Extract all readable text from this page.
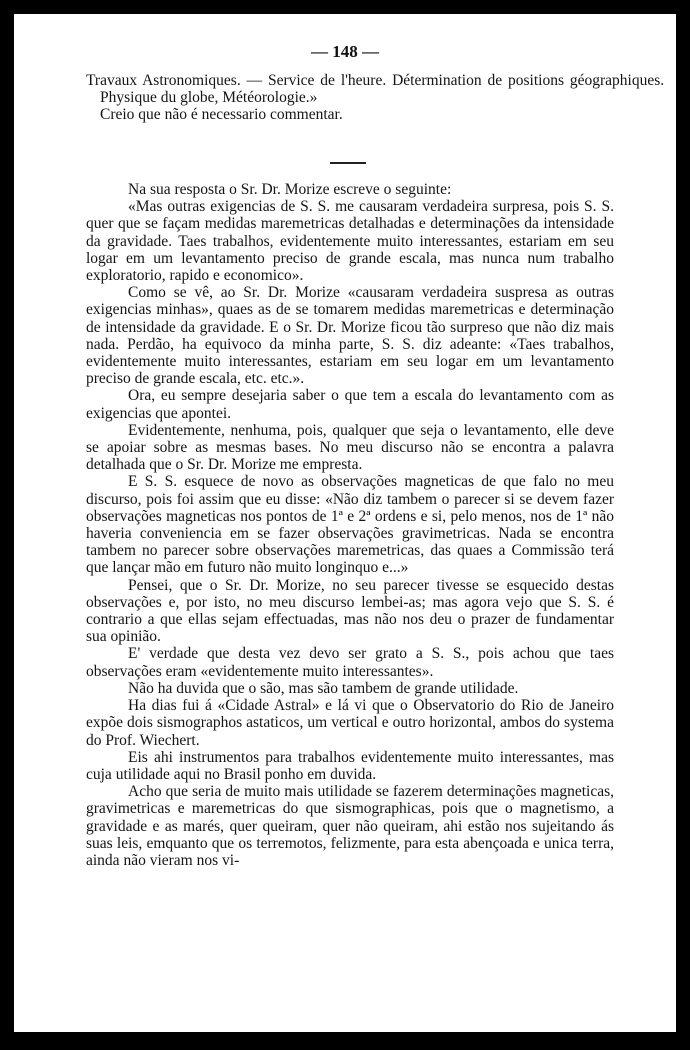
— 148 —

Travaux Astronomiques. — Service de l'heure. Détermination de positions géographiques.

Physique du globe, Météorologie.»

Creio que não é necessario commentar.

Na sua resposta o Sr. Dr. Morize escreve o seguinte:

«Mas outras exigencias de S. S. me causaram verdadeira surpresa, pois S. S. quer que se façam medidas maremetricas detalhadas e determinações da intensidade da gravidade. Taes trabalhos, evidentemente muito interessantes, estariam em seu logar em um levantamento preciso de grande escala, mas nunca num trabalho exploratorio, rapido e economico».

Como se vê, ao Sr. Dr. Morize «causaram verdadeira suspresa as outras exigencias minhas», quaes as de se tomarem medidas maremetricas e determinação de intensidade da gravidade. E o Sr. Dr. Morize ficou tão surpreso que não diz mais nada. Perdão, ha equivoco da minha parte, S. S. diz adeante: «Taes trabalhos, evidentemente muito interessantes, estariam em seu logar em um levantamento preciso de grande escala, etc. etc.».

Ora, eu sempre desejaria saber o que tem a escala do levantamento com as exigencias que apontei.

Evidentemente, nenhuma, pois, qualquer que seja o levantamento, elle deve se apoiar sobre as mesmas bases. No meu discurso não se encontra a palavra detalhada que o Sr. Dr. Morize me empresta.

E S. S. esquece de novo as observações magneticas de que falo no meu discurso, pois foi assim que eu disse: «Não diz tambem o parecer si se devem fazer observações magneticas nos pontos de 1ª e 2ª ordens e si, pelo menos, nos de 1ª não haveria conveniencia em se fazer observações gravimetricas. Nada se encontra tambem no parecer sobre observações maremetricas, das quaes a Commissão terá que lançar mão em futuro não muito longinquo e...»

Pensei, que o Sr. Dr. Morize, no seu parecer tivesse se esquecido destas observações e, por isto, no meu discurso lembei-as; mas agora vejo que S. S. é contrario a que ellas sejam effectuadas, mas não nos deu o prazer de fundamentar sua opinião.

E' verdade que desta vez devo ser grato a S. S., pois achou que taes observações eram «evidentemente muito interessantes».

Não ha duvida que o são, mas são tambem de grande utilidade.

Ha dias fui á «Cidade Astral» e lá vi que o Observatorio do Rio de Janeiro expõe dois sismographos astaticos, um vertical e outro horizontal, ambos do systema do Prof. Wiechert.

Eis ahi instrumentos para trabalhos evidentemente muito interessantes, mas cuja utilidade aqui no Brasil ponho em duvida.

Acho que seria de muito mais utilidade se fazerem determinações magneticas, gravimetricas e maremetricas do que sismographicas, pois que o magnetismo, a gravidade e as marés, quer queiram, quer não queiram, ahi estão nos sujeitando ás suas leis, emquanto que os terremotos, felizmente, para esta abençoada e unica terra, ainda não vieram nos vi-
